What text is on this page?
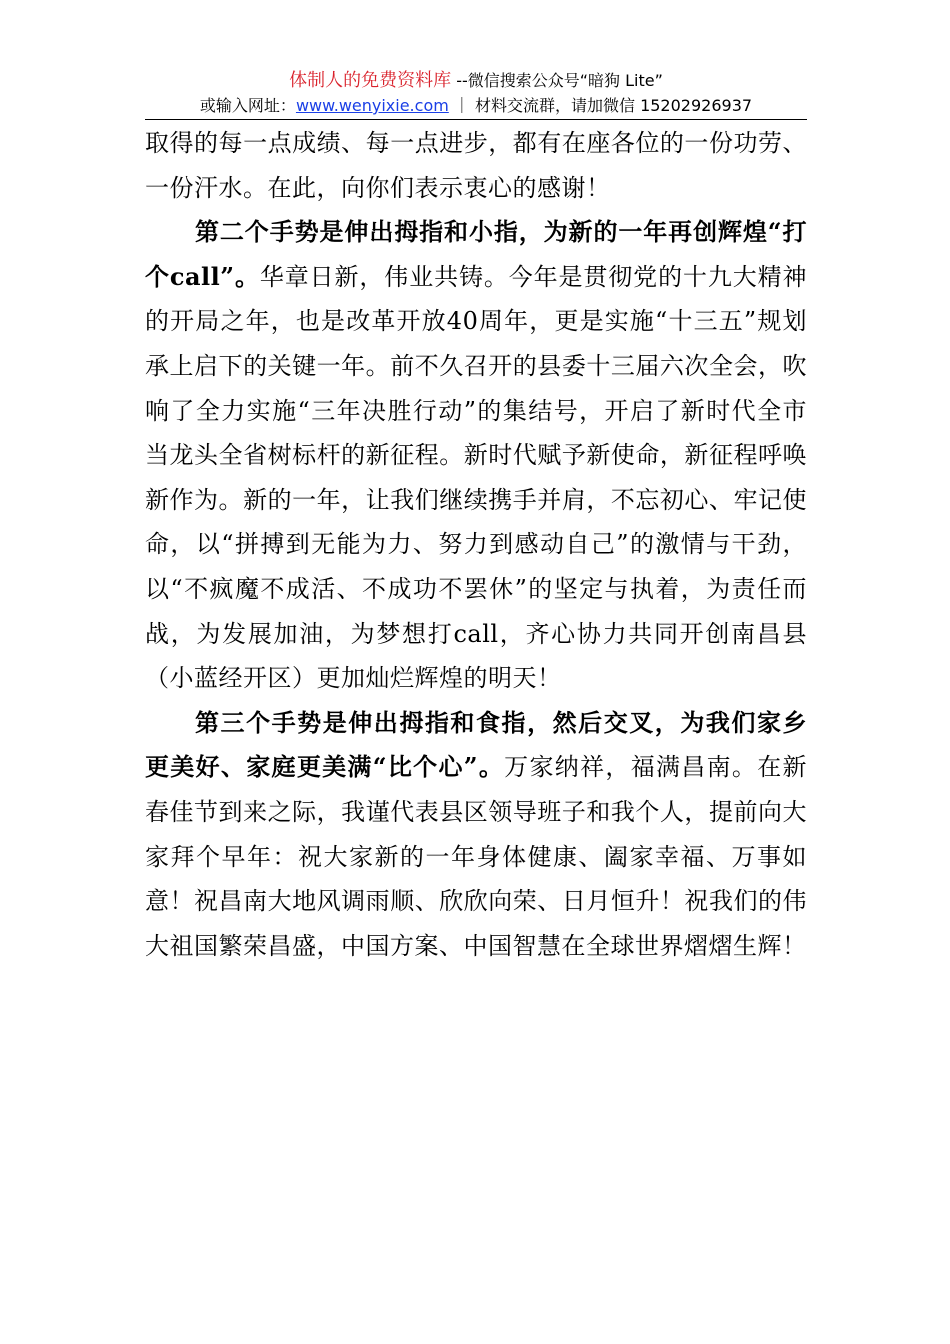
体制人的免费资料库 --微信搜索公众号“暗狗 Lite”
或输入网址：www.wenyixie.com ｜ 材料交流群，请加微信 15202926937

取得的每一点成绩、每一点进步，都有在座各位的一份功劳、一份汗水。在此，向你们表示衷心的感谢！

第二个手势是伸出拇指和小指，为新的一年再创辉煌“打个call”。华章日新，伟业共铸。今年是贯彻党的十九大精神的开局之年，也是改革开放40周年，更是实施“十三五”规划承上启下的关键一年。前不久召开的县委十三届六次全会，吹响了全力实施“三年决胜行动”的集结号，开启了新时代全市当龙头全省树标杆的新征程。新时代赋予新使命，新征程呼唤新作为。新的一年，让我们继续携手并肩，不忘初心、牢记使命，以“拼搏到无能为力、努力到感动自己”的激情与干劲，以“不疯魔不成活、不成功不罢休”的坚定与执着，为责任而战，为发展加油，为梦想打call，齐心协力共同开创南昌县（小蓝经开区）更加灿烂辉煌的明天！

第三个手势是伸出拇指和食指，然后交叉，为我们家乡更美好、家庭更美满“比个心”。万家纳祥，福满昌南。在新春佳节到来之际，我谨代表县区领导班子和我个人，提前向大家拜个早年：祝大家新的一年身体健康、阖家幸福、万事如意！祝昌南大地风调雨顺、欣欣向荣、日月恒升！祝我们的伟大祖国繁荣昌盛，中国方案、中国智慧在全球世界熠熠生辉！
